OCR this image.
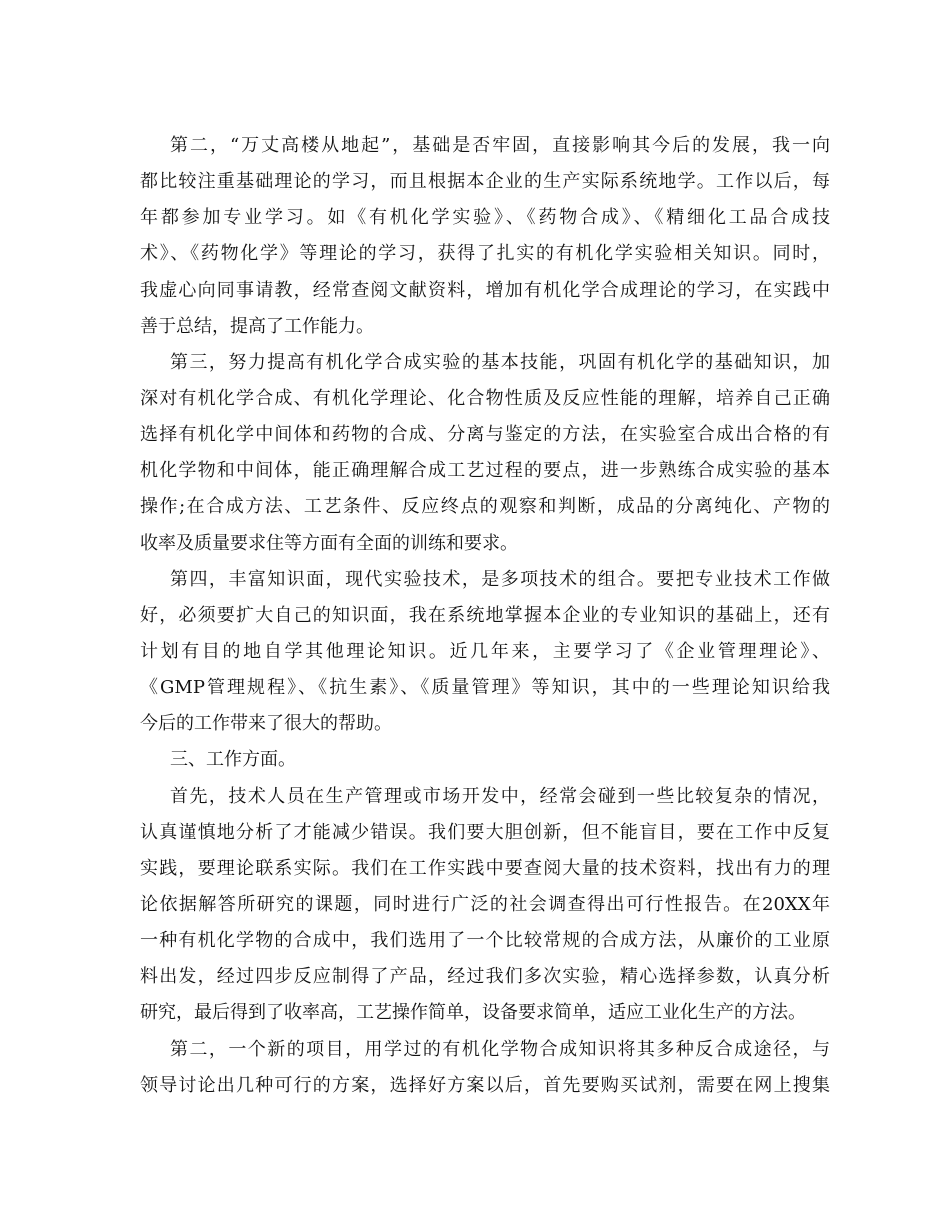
第二，“万丈高楼从地起”，基础是否牢固，直接影响其今后的发展，我一向
都比较注重基础理论的学习，而且根据本企业的生产实际系统地学。工作以后，每
年都参加专业学习。如《有机化学实验》、《药物合成》、《精细化工品合成技
术》、《药物化学》等理论的学习，获得了扎实的有机化学实验相关知识。同时，
我虚心向同事请教，经常查阅文献资料，增加有机化学合成理论的学习，在实践中
善于总结，提高了工作能力。
第三，努力提高有机化学合成实验的基本技能，巩固有机化学的基础知识，加
深对有机化学合成、有机化学理论、化合物性质及反应性能的理解，培养自己正确
选择有机化学中间体和药物的合成、分离与鉴定的方法，在实验室合成出合格的有
机化学物和中间体，能正确理解合成工艺过程的要点，进一步熟练合成实验的基本
操作;在合成方法、工艺条件、反应终点的观察和判断，成品的分离纯化、产物的
收率及质量要求住等方面有全面的训练和要求。
第四，丰富知识面，现代实验技术，是多项技术的组合。要把专业技术工作做
好，必须要扩大自己的知识面，我在系统地掌握本企业的专业知识的基础上，还有
计划有目的地自学其他理论知识。近几年来，主要学习了《企业管理理论》、
《GMP管理规程》、《抗生素》、《质量管理》等知识，其中的一些理论知识给我
今后的工作带来了很大的帮助。
三、工作方面。
首先，技术人员在生产管理或市场开发中，经常会碰到一些比较复杂的情况，
认真谨慎地分析了才能减少错误。我们要大胆创新，但不能盲目，要在工作中反复
实践，要理论联系实际。我们在工作实践中要查阅大量的技术资料，找出有力的理
论依据解答所研究的课题，同时进行广泛的社会调查得出可行性报告。在20XX年
一种有机化学物的合成中，我们选用了一个比较常规的合成方法，从廉价的工业原
料出发，经过四步反应制得了产品，经过我们多次实验，精心选择参数，认真分析
研究，最后得到了收率高，工艺操作简单，设备要求简单，适应工业化生产的方法。
第二，一个新的项目，用学过的有机化学物合成知识将其多种反合成途径，与
领导讨论出几种可行的方案，选择好方案以后，首先要购买试剂，需要在网上搜集
